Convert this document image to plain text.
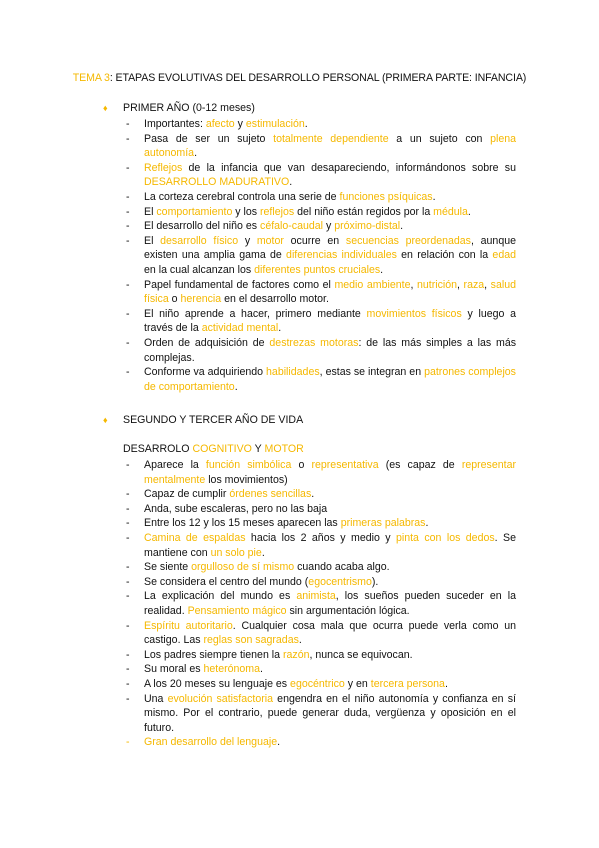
TEMA 3: ETAPAS EVOLUTIVAS DEL DESARROLLO PERSONAL (PRIMERA PARTE: INFANCIA)
♦	PRIMER AÑO (0-12 meses)
- Importantes: afecto y estimulación.
- Pasa de ser un sujeto totalmente dependiente a un sujeto con plena autonomía.
- Reflejos de la infancia que van desapareciendo, informándonos sobre su DESARROLLO MADURATIVO.
- La corteza cerebral controla una serie de funciones psíquicas.
- El comportamiento y los reflejos del niño están regidos por la médula.
- El desarrollo del niño es céfalo-caudal y próximo-distal.
- El desarrollo físico y motor ocurre en secuencias preordenadas, aunque existen una amplia gama de diferencias individuales en relación con la edad en la cual alcanzan los diferentes puntos cruciales.
- Papel fundamental de factores como el medio ambiente, nutrición, raza, salud física o herencia en el desarrollo motor.
- El niño aprende a hacer, primero mediante movimientos físicos y luego a través de la actividad mental.
- Orden de adquisición de destrezas motoras: de las más simples a las más complejas.
- Conforme va adquiriendo habilidades, estas se integran en patrones complejos de comportamiento.
♦	SEGUNDO Y TERCER AÑO DE VIDA
DESARROLO COGNITIVO Y MOTOR
- Aparece la función simbólica o representativa (es capaz de representar mentalmente los movimientos)
- Capaz de cumplir órdenes sencillas.
- Anda, sube escaleras, pero no las baja
- Entre los 12 y los 15 meses aparecen las primeras palabras.
- Camina de espaldas hacia los 2 años y medio y pinta con los dedos. Se mantiene con un solo pie.
- Se siente orgulloso de sí mismo cuando acaba algo.
- Se considera el centro del mundo (egocentrismo).
- La explicación del mundo es animista, los sueños pueden suceder en la realidad. Pensamiento mágico sin argumentación lógica.
- Espíritu autoritario. Cualquier cosa mala que ocurra puede verla como un castigo. Las reglas son sagradas.
- Los padres siempre tienen la razón, nunca se equivocan.
- Su moral es heterónoma.
- A los 20 meses su lenguaje es egocéntrico y en tercera persona.
- Una evolución satisfactoria engendra en el niño autonomía y confianza en sí mismo. Por el contrario, puede generar duda, vergüenza y oposición en el futuro.
- Gran desarrollo del lenguaje.
